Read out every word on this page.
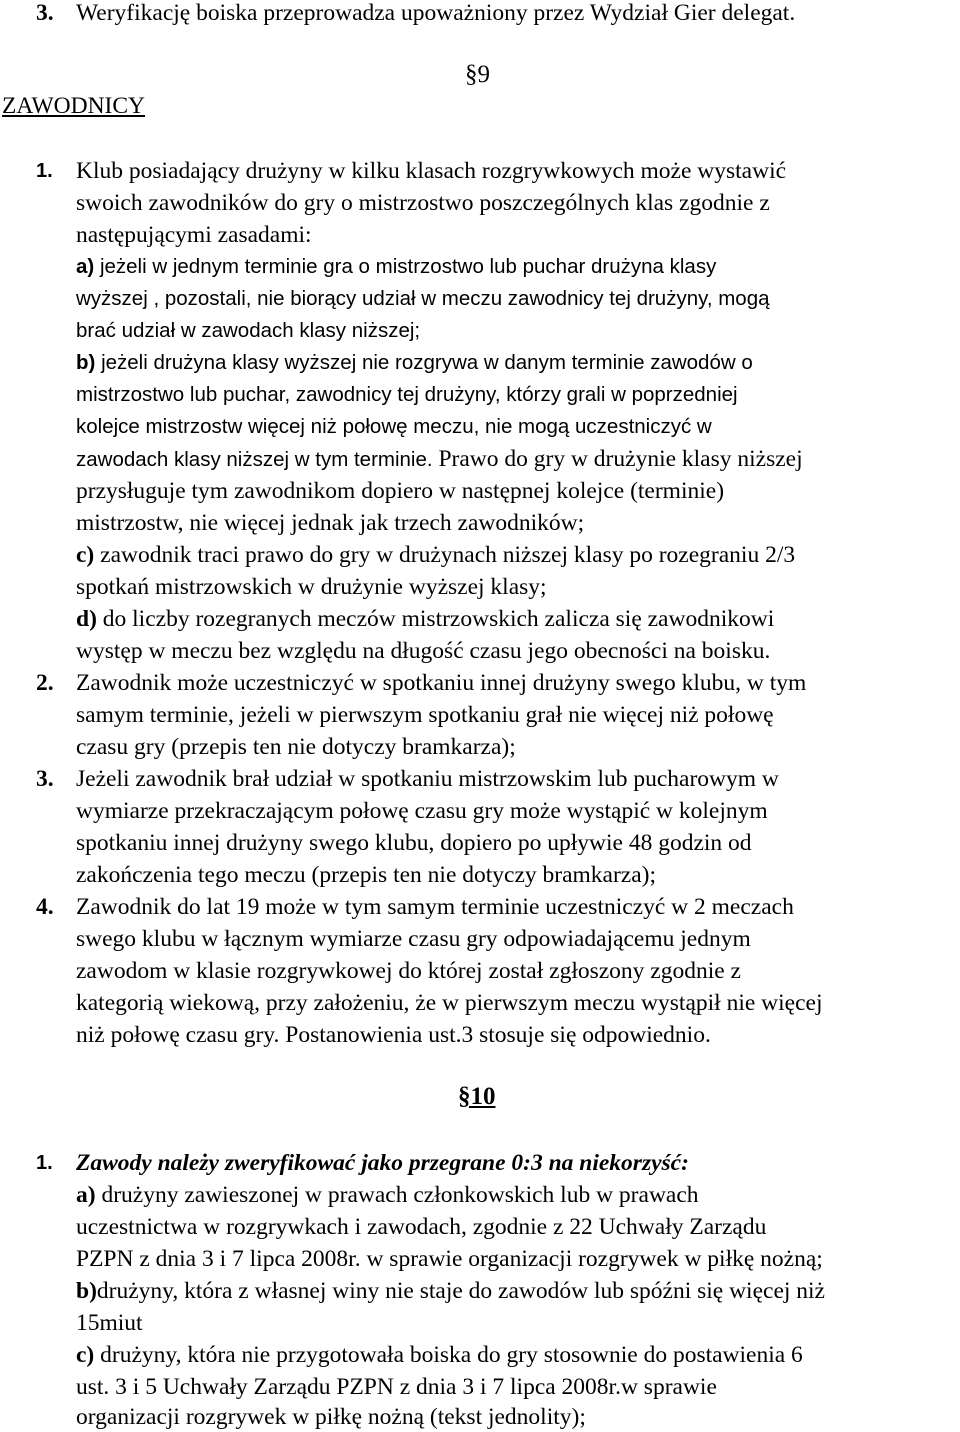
3. Weryfikację boiska przeprowadza upoważniony przez Wydział Gier delegat.
§9
ZAWODNICY
1. Klub posiadający drużyny w kilku klasach rozgrywkowych może wystawić
swoich zawodników do gry o mistrzostwo poszczególnych klas zgodnie z
następującymi zasadami:
a) jeżeli w jednym terminie gra o mistrzostwo lub puchar drużyna klasy
wyższej , pozostali, nie biorący udział w meczu zawodnicy tej drużyny, mogą
brać udział w zawodach klasy niższej;
b) jeżeli drużyna klasy wyższej nie rozgrywa w danym terminie zawodów o
mistrzostwo lub puchar, zawodnicy tej drużyny, którzy grali w poprzedniej
kolejce mistrzostw więcej niż połowę meczu, nie mogą uczestniczyć w
zawodach klasy niższej w tym terminie. Prawo do gry w drużynie klasy niższej
przysługuje tym zawodnikom dopiero w następnej kolejce (terminie)
mistrzostw, nie więcej jednak jak trzech zawodników;
c) zawodnik traci prawo do gry w drużynach niższej klasy po rozegraniu 2/3
spotkań mistrzowskich w drużynie wyższej klasy;
d) do liczby rozegranych meczów mistrzowskich zalicza się zawodnikowi
występ w meczu bez względu na długość czasu jego obecności na boisku.
2. Zawodnik może uczestniczyć w spotkaniu innej drużyny swego klubu, w tym
samym terminie, jeżeli w pierwszym spotkaniu grał nie więcej niż połowę
czasu gry (przepis ten nie dotyczy bramkarza);
3. Jeżeli zawodnik brał udział w spotkaniu mistrzowskim lub pucharowym w
wymiarze przekraczającym połowę czasu gry może wystąpić w kolejnym
spotkaniu innej drużyny swego klubu, dopiero po upływie 48 godzin od
zakończenia tego meczu (przepis ten nie dotyczy bramkarza);
4. Zawodnik do lat 19 może w tym samym terminie uczestniczyć w 2 meczach
swego klubu w łącznym wymiarze czasu gry odpowiadającemu jednym
zawodom w klasie rozgrywkowej do której został zgłoszony zgodnie z
kategorią wiekową, przy założeniu, że w pierwszym meczu wystąpił nie więcej
niż połowę czasu gry. Postanowienia ust.3 stosuje się odpowiednio.
§10
1. Zawody należy zweryfikować jako przegrane 0:3 na niekorzyść:
a) drużyny zawieszonej w prawach członkowskich lub w prawach
uczestnictwa w rozgrywkach i zawodach, zgodnie z 22 Uchwały Zarządu
PZPN z dnia 3 i 7 lipca 2008r. w sprawie organizacji rozgrywek w piłkę nożną;
b)drużyny, która z własnej winy nie staje do zawodów lub spóźni się więcej niż
15miut
c) drużyny, która nie przygotowała boiska do gry stosownie do postawienia 6
ust. 3 i 5 Uchwały Zarządu PZPN z dnia 3 i 7 lipca 2008r.w sprawie
organizacji rozgrywek w piłkę nożną (tekst jednolity);
